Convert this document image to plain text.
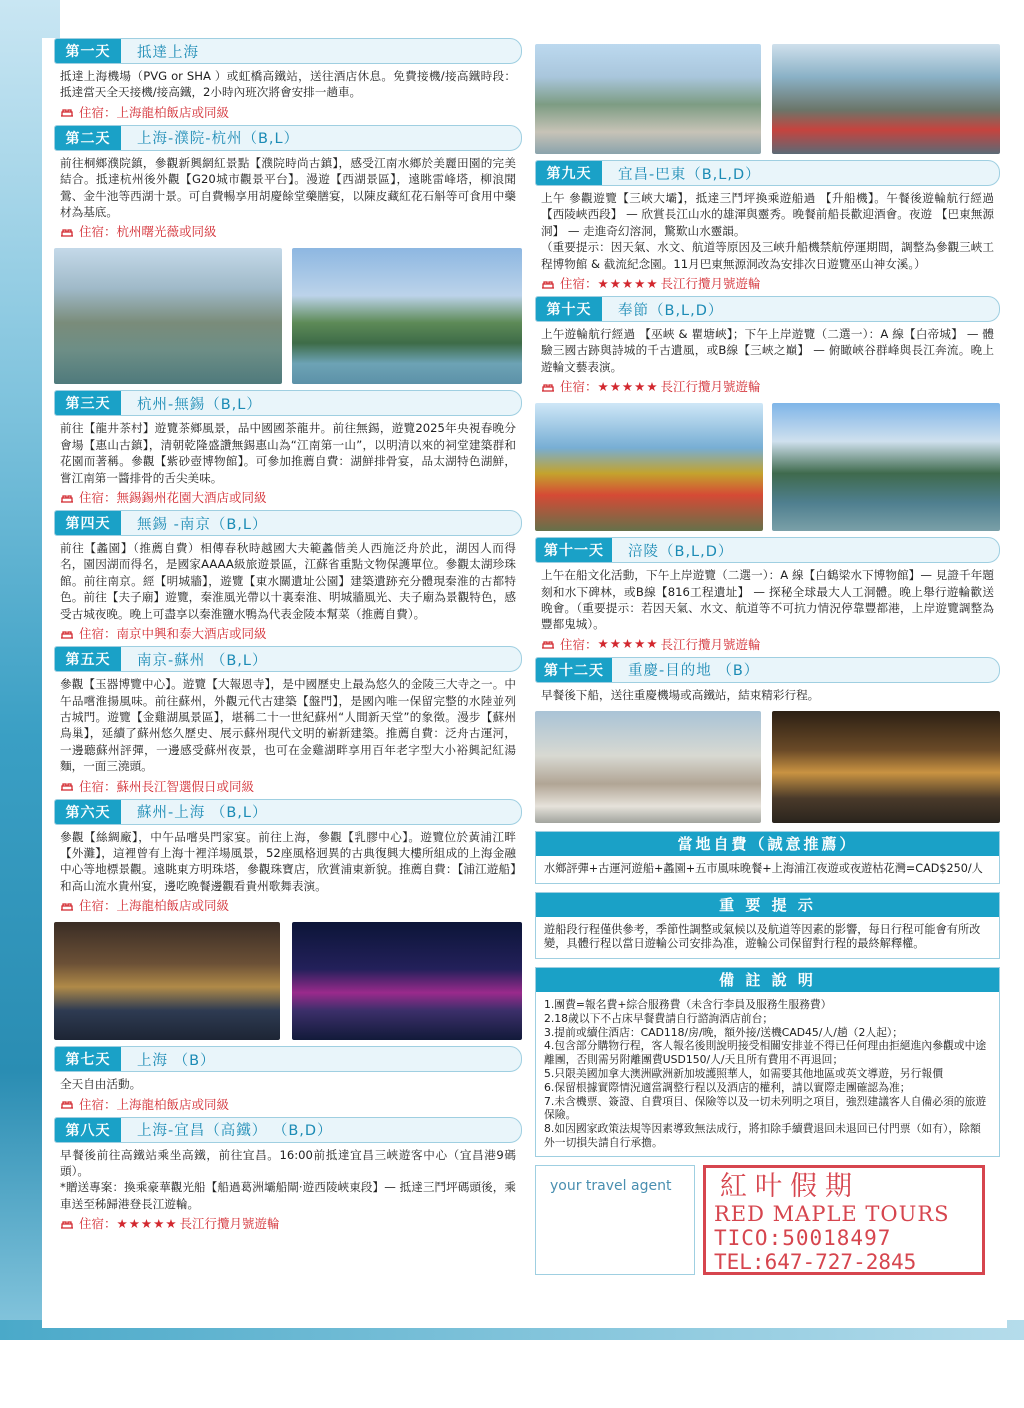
第一天	抵達上海
抵達上海機場（PVG or SHA ）或虹橋高鐵站，送往酒店休息。免費接機/接高鐵時段：抵達當天全天接機/接高鐵，2小時內班次將會安排一趟車。
住宿：上海龍柏飯店或同級
第二天	上海-濮院-杭州（B,L）
前往桐鄉濮院鎮，參觀新興網紅景點【濮院時尚古鎮】，感受江南水鄉於美麗田園的完美結合。抵達杭州後外觀【G20城市觀景平台】。漫遊【西湖景區】，遠眺雷峰塔，柳浪聞鶯、金牛池等西湖十景。可自費暢享用胡慶餘堂藥膳宴，以陳皮藏紅花石斛等可食用中藥材為基底。
住宿：杭州曙光薇或同級
第三天	杭州-無錫（B,L）
前往【龍井茶村】遊覽茶鄉風景，品中國國茶龍井。前往無錫，遊覽2025年央視春晚分會場【惠山古鎮】，清朝乾隆盛讚無錫惠山為“江南第一山”，以明清以來的祠堂建築群和花園而著稱。參觀【紫砂壺博物館】。可參加推薦自費：湖鮮排骨宴，品太湖特色湖鮮，嘗江南第一醬排骨的舌尖美味。
住宿：無錫錫州花園大酒店或同級
第四天	無錫 -南京（B,L）
前往【蠡園】（推薦自費）相傳春秋時越國大夫範蠡偕美人西施泛舟於此，湖因人而得名，園因湖而得名，是國家AAAA級旅遊景區，江蘇省重點文物保護單位。參觀太湖珍珠館。前往南京。經【明城牆】，遊覽【東水關遺址公園】建築遺跡充分體現秦淮的古都特色。前往【夫子廟】遊覽，秦淮風光帶以十裏秦淮、明城牆風光、夫子廟為景觀特色，感受古城夜晚。晚上可盡享以秦淮鹽水鴨為代表金陵本幫菜（推薦自費）。
住宿：南京中興和泰大酒店或同級
第五天	南京-蘇州 （B,L）
參觀【玉器博覽中心】。遊覽【大報恩寺】，是中國歷史上最為悠久的金陵三大寺之一。中午品嚐淮揚風味。前往蘇州，外觀元代古建築【盤門】，是國內唯一保留完整的水陸並列古城門。遊覽【金雞湖風景區】，堪稱二十一世紀蘇州“人間新天堂”的象徵。漫步【蘇州鳥巢】，延續了蘇州悠久歷史、展示蘇州現代文明的嶄新建築。推薦自費：泛舟古運河，一邊聽蘇州評彈，一邊感受蘇州夜景，也可在金雞湖畔享用百年老字型大小裕興記紅湯麵，一面三澆頭。
住宿：蘇州長江智選假日或同級
第六天	蘇州-上海 （B,L）
參觀【絲綢廠】，中午品嚐吳門家宴。前往上海，參觀【乳膠中心】。遊覽位於黃浦江畔【外灘】，這裡曾有上海十裡洋場風景，52座風格迥異的古典復興大樓所組成的上海金融中心等地標景觀。遠眺東方明珠塔，參觀珠寶店，欣賞浦東新貌。推薦自費：【浦江遊船】和高山流水貴州宴，邊吃晚餐邊觀看貴州歌舞表演。
住宿：上海龍柏飯店或同級
第七天	上海 （B）
全天自由活動。
住宿：上海龍柏飯店或同級
第八天	上海-宜昌（高鐵） （B,D）
早餐後前往高鐵站乘坐高鐵，前往宜昌。16:00前抵達宜昌三峽遊客中心（宜昌港9碼頭）。
*贈送專案：換乘豪華觀光船【船過葛洲壩船閘·遊西陵峽東段】— 抵達三鬥坪碼頭後，乘車送至秭歸港登長江遊輪。
住宿： ★★★★★ 長江行攬月號遊輪
第九天	宜昌-巴東（B,L,D）
上午 參觀遊覽【三峽大壩】，抵達三鬥坪換乘遊船過 【升船機】。午餐後遊輪航行經過【西陵峽西段】 — 欣賞長江山水的雄渾與靈秀。晚餐前船長歡迎酒會。夜遊 【巴東無源洞】 — 走進奇幻溶洞，驚歎山水靈韻。
（重要提示：因天氣、水文、航道等原因及三峽升船機禁航停運期間，調整為參觀三峽工程博物館 & 截流紀念園。11月巴東無源洞改為安排次日遊覽巫山神女溪。）
住宿： ★★★★★ 長江行攬月號遊輪
第十天	奉節（B,L,D）
上午遊輪航行經過 【巫峽 & 瞿塘峽】；下午上岸遊覽（二選一）：A 線【白帝城】 — 體驗三國古跡與詩城的千古遺風，或B線【三峽之巔】 — 俯瞰峽谷群峰與長江奔流。晚上遊輪文藝表演。
住宿： ★★★★★ 長江行攬月號遊輪
第十一天	涪陵（B,L,D）
上午在船文化活動，下午上岸遊覽（二選一）：A 線【白鶴梁水下博物館】— 見證千年題刻和水下碑林，或B線【816工程遺址】 — 探秘全球最大人工洞體。晚上舉行遊輪歡送晚會。（重要提示：若因天氣、水文、航道等不可抗力情況停靠豐都港，上岸遊覽調整為豐都鬼城）。
住宿： ★★★★★ 長江行攬月號遊輪
第十二天	重慶-目的地 （B）
早餐後下船，送往重慶機場或高鐵站，結束精彩行程。
當地自費（誠意推薦）
水鄉評彈+古運河遊船+蠡園+五市風味晚餐+上海浦江夜遊或夜遊枯花灣=CAD$250/人
重 要 提 示
遊船段行程僅供參考，季節性調整或氣候以及航道等因素的影響，每日行程可能會有所改變，具體行程以當日遊輪公司安排為准，遊輪公司保留對行程的最終解釋權。
備 註 說 明
1.團費=報名費+綜合服務費（未含行李員及服務生服務費）
2.18歲以下不占床早餐費請自行諮詢酒店前台；
3.提前或續住酒店：CAD118/房/晚，額外接/送機CAD45/人/趟（2人起）；
4.包含部分購物行程，客人報名後則說明接受相關安排並不得已任何理由拒絕進內參觀或中途離團，否則需另附離團費USD150/人/天且所有費用不再退回；
5.只限美國加拿大澳洲歐洲新加坡護照華人，如需要其他地區或英文導遊，另行報價
6.保留根據實際情況適當調整行程以及酒店的權利，請以實際走團確認為准；
7.未含機票、簽證、自費項目、保險等以及一切未列明之項目，強烈建議客人自備必須的旅遊保險。
8.如因國家政策法規等因素導致無法成行，將扣除手續費退回未退回已付門票（如有），除額外一切損失請自行承擔。
your travel agent	紅叶假期
RED MAPLE TOURS
TICO:50018497
TEL:647-727-2845
